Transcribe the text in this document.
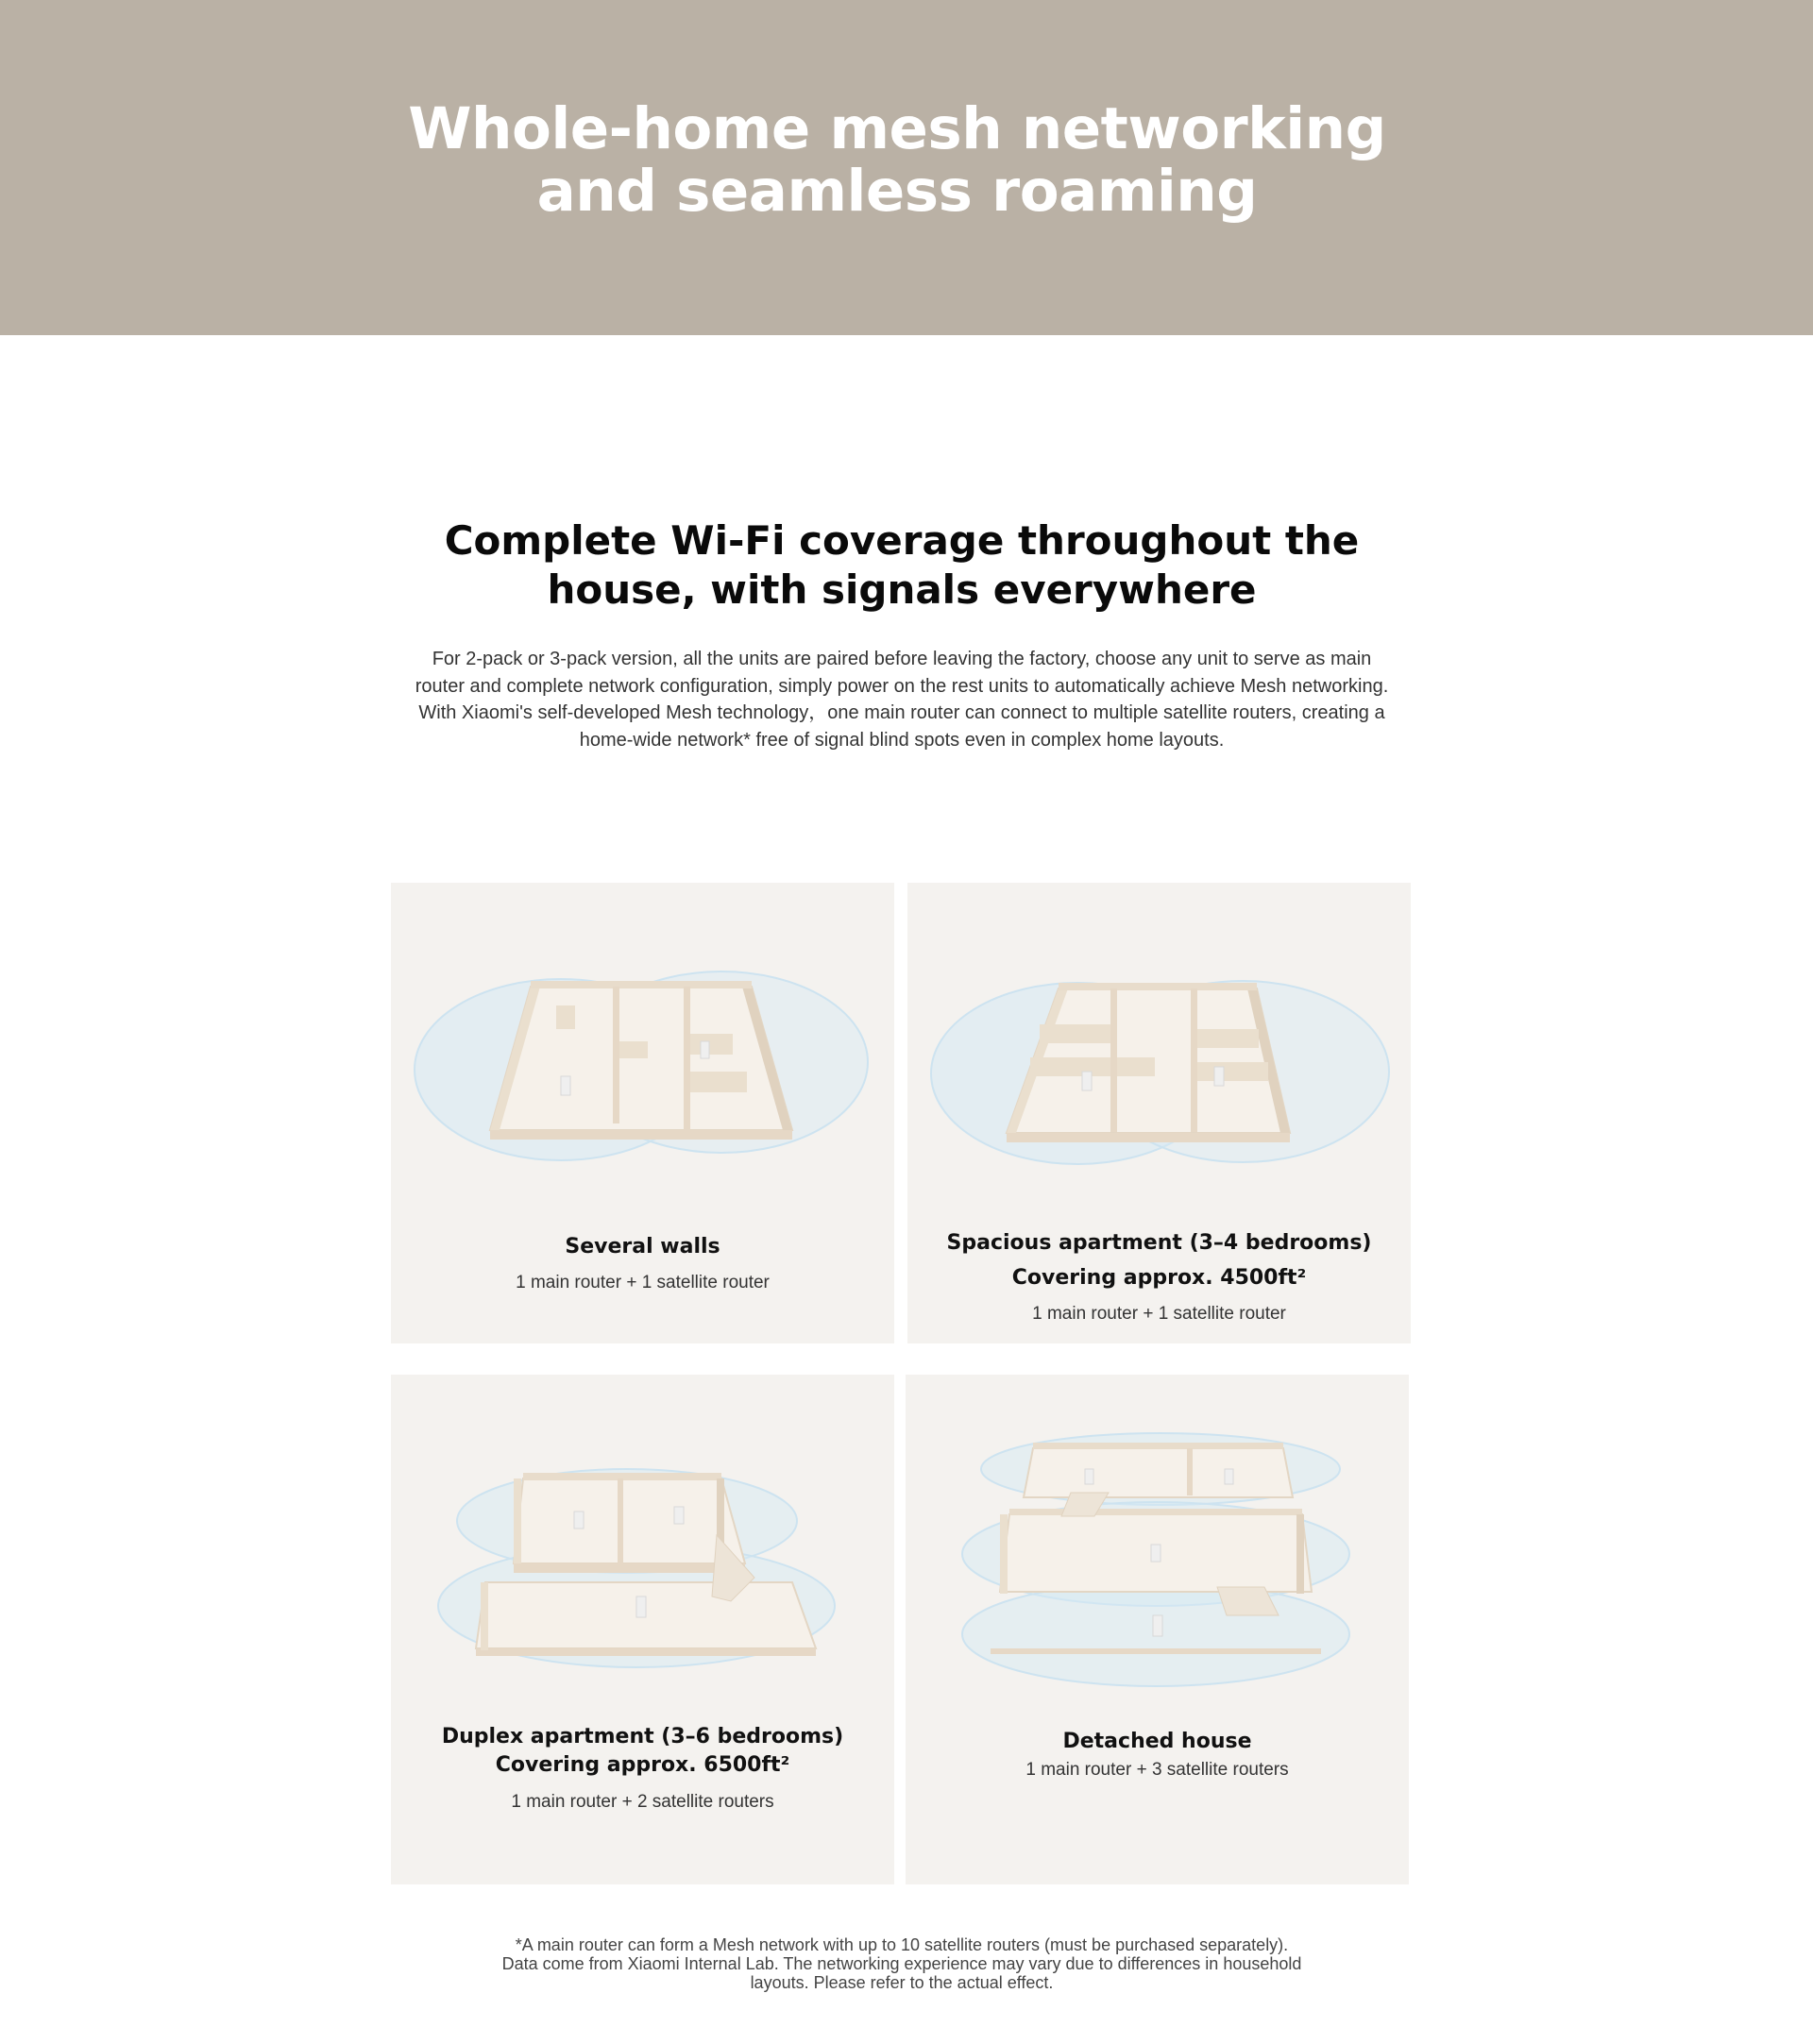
Whole-home mesh networking
and seamless roaming
Complete Wi-Fi coverage throughout the
house, with signals everywhere

For 2-pack or 3-pack version, all the units are paired before leaving the factory, choose any unit to serve as main router and complete network configuration, simply power on the rest units to automatically achieve Mesh networking. With Xiaomi's self-developed Mesh technology，one main router can connect to multiple satellite routers, creating a home-wide network* free of signal blind spots even in complex home layouts.

Several walls
1 main router + 1 satellite router
Spacious apartment (3–4 bedrooms)
Covering approx. 4500ft²
1 main router + 1 satellite router
Duplex apartment (3–6 bedrooms)
Covering approx. 6500ft²
1 main router + 2 satellite routers
Detached house
1 main router + 3 satellite routers
*A main router can form a Mesh network with up to 10 satellite routers (must be purchased separately).
Data come from Xiaomi Internal Lab. The networking experience may vary due to differences in household
layouts. Please refer to the actual effect.
